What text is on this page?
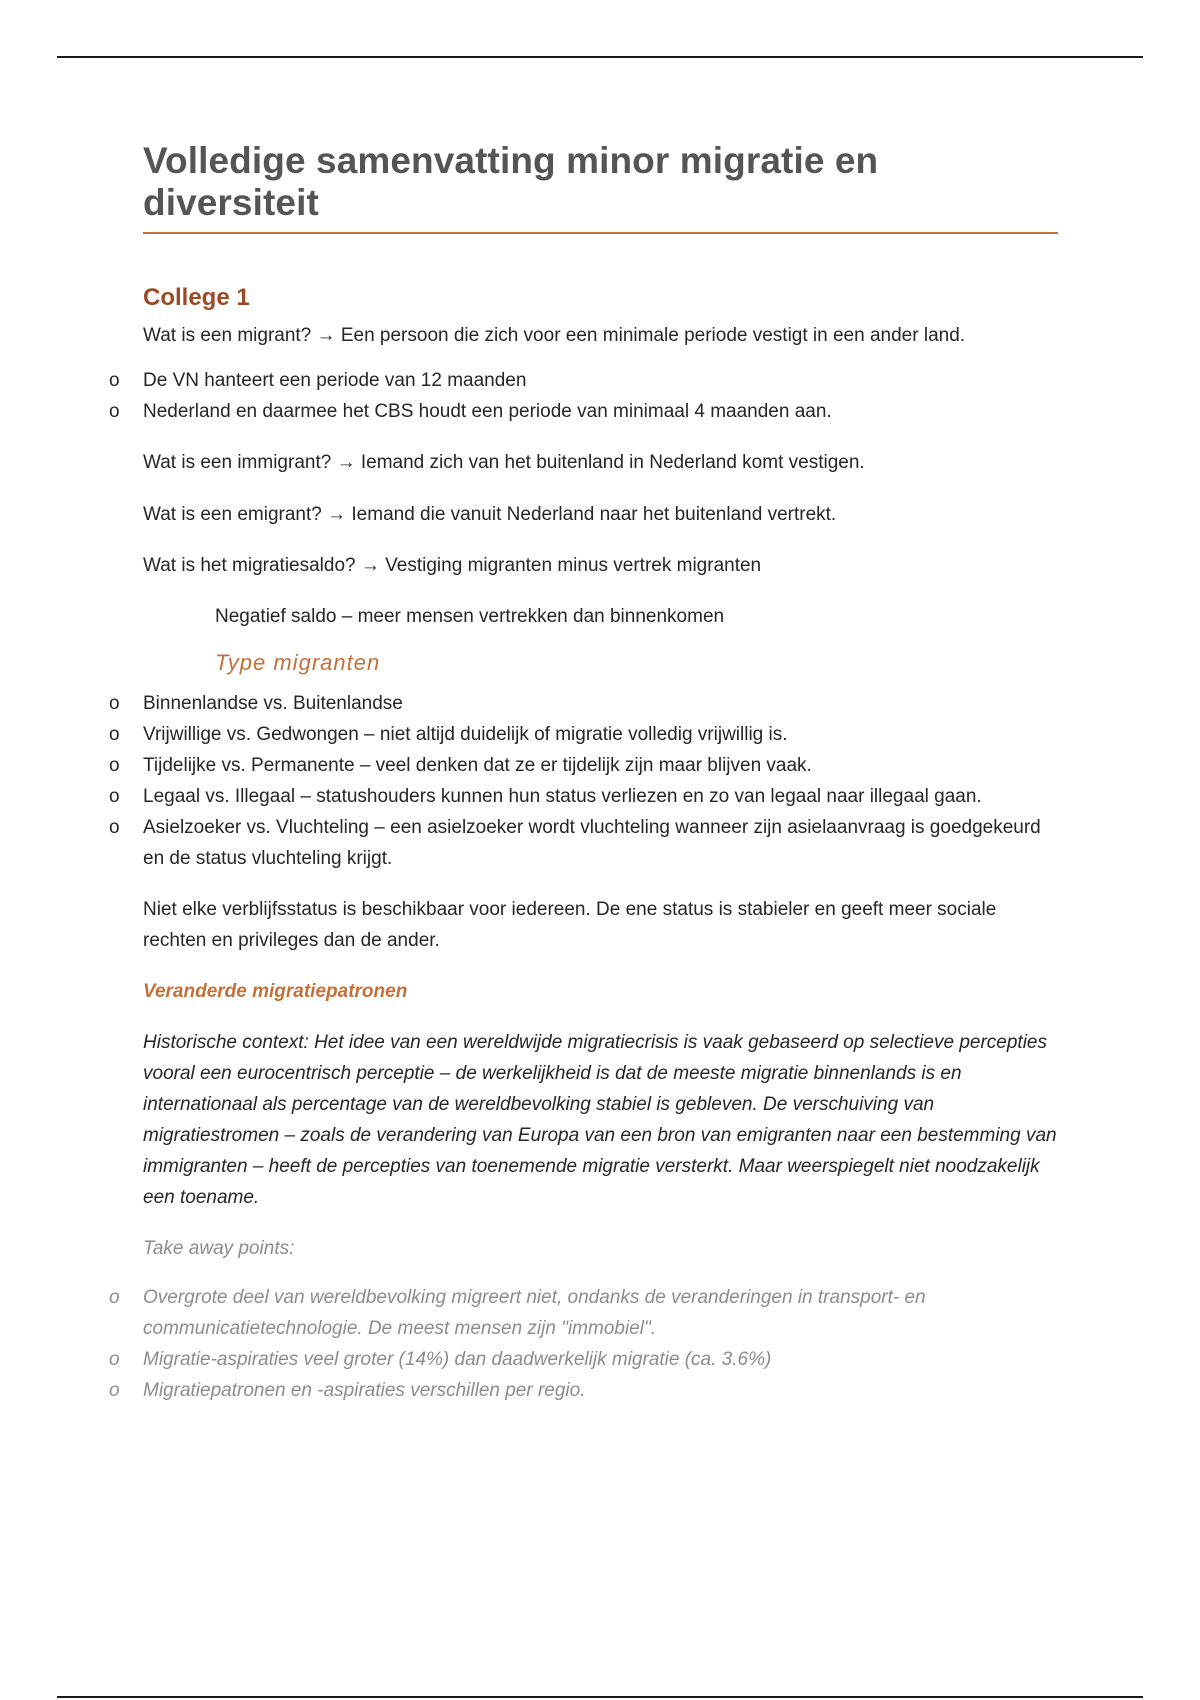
Volledige samenvatting minor migratie en diversiteit
College 1

Wat is een migrant? → Een persoon die zich voor een minimale periode vestigt in een ander land.

o De VN hanteert een periode van 12 maanden
o Nederland en daarmee het CBS houdt een periode van minimaal 4 maanden aan.

Wat is een immigrant? → Iemand zich van het buitenland in Nederland komt vestigen.

Wat is een emigrant? → Iemand die vanuit Nederland naar het buitenland vertrekt.

Wat is het migratiesaldo? → Vestiging migranten minus vertrek migranten

Negatief saldo – meer mensen vertrekken dan binnenkomen

Type migranten
o Binnenlandse vs. Buitenlandse
o Vrijwillige vs. Gedwongen – niet altijd duidelijk of migratie volledig vrijwillig is.
o Tijdelijke vs. Permanente – veel denken dat ze er tijdelijk zijn maar blijven vaak.
o Legaal vs. Illegaal – statushouders kunnen hun status verliezen en zo van legaal naar illegaal gaan.
o Asielzoeker vs. Vluchteling – een asielzoeker wordt vluchteling wanneer zijn asielaanvraag is goedgekeurd en de status vluchteling krijgt.

Niet elke verblijfsstatus is beschikbaar voor iedereen. De ene status is stabieler en geeft meer sociale rechten en privileges dan de ander.

Veranderde migratiepatronen

Historische context: Het idee van een wereldwijde migratiecrisis is vaak gebaseerd op selectieve percepties vooral een eurocentrisch perceptie – de werkelijkheid is dat de meeste migratie binnenlands is en internationaal als percentage van de wereldbevolking stabiel is gebleven. De verschuiving van migratiestromen – zoals de verandering van Europa van een bron van emigranten naar een bestemming van immigranten – heeft de percepties van toenemende migratie versterkt. Maar weerspiegelt niet noodzakelijk een toename.

Take away points:

o Overgrote deel van wereldbevolking migreert niet, ondanks de veranderingen in transport- en communicatietechnologie. De meest mensen zijn "immobiel".
o Migratie-aspiraties veel groter (14%) dan daadwerkelijk migratie (ca. 3.6%)
o Migratiepatronen en -aspiraties verschillen per regio.
